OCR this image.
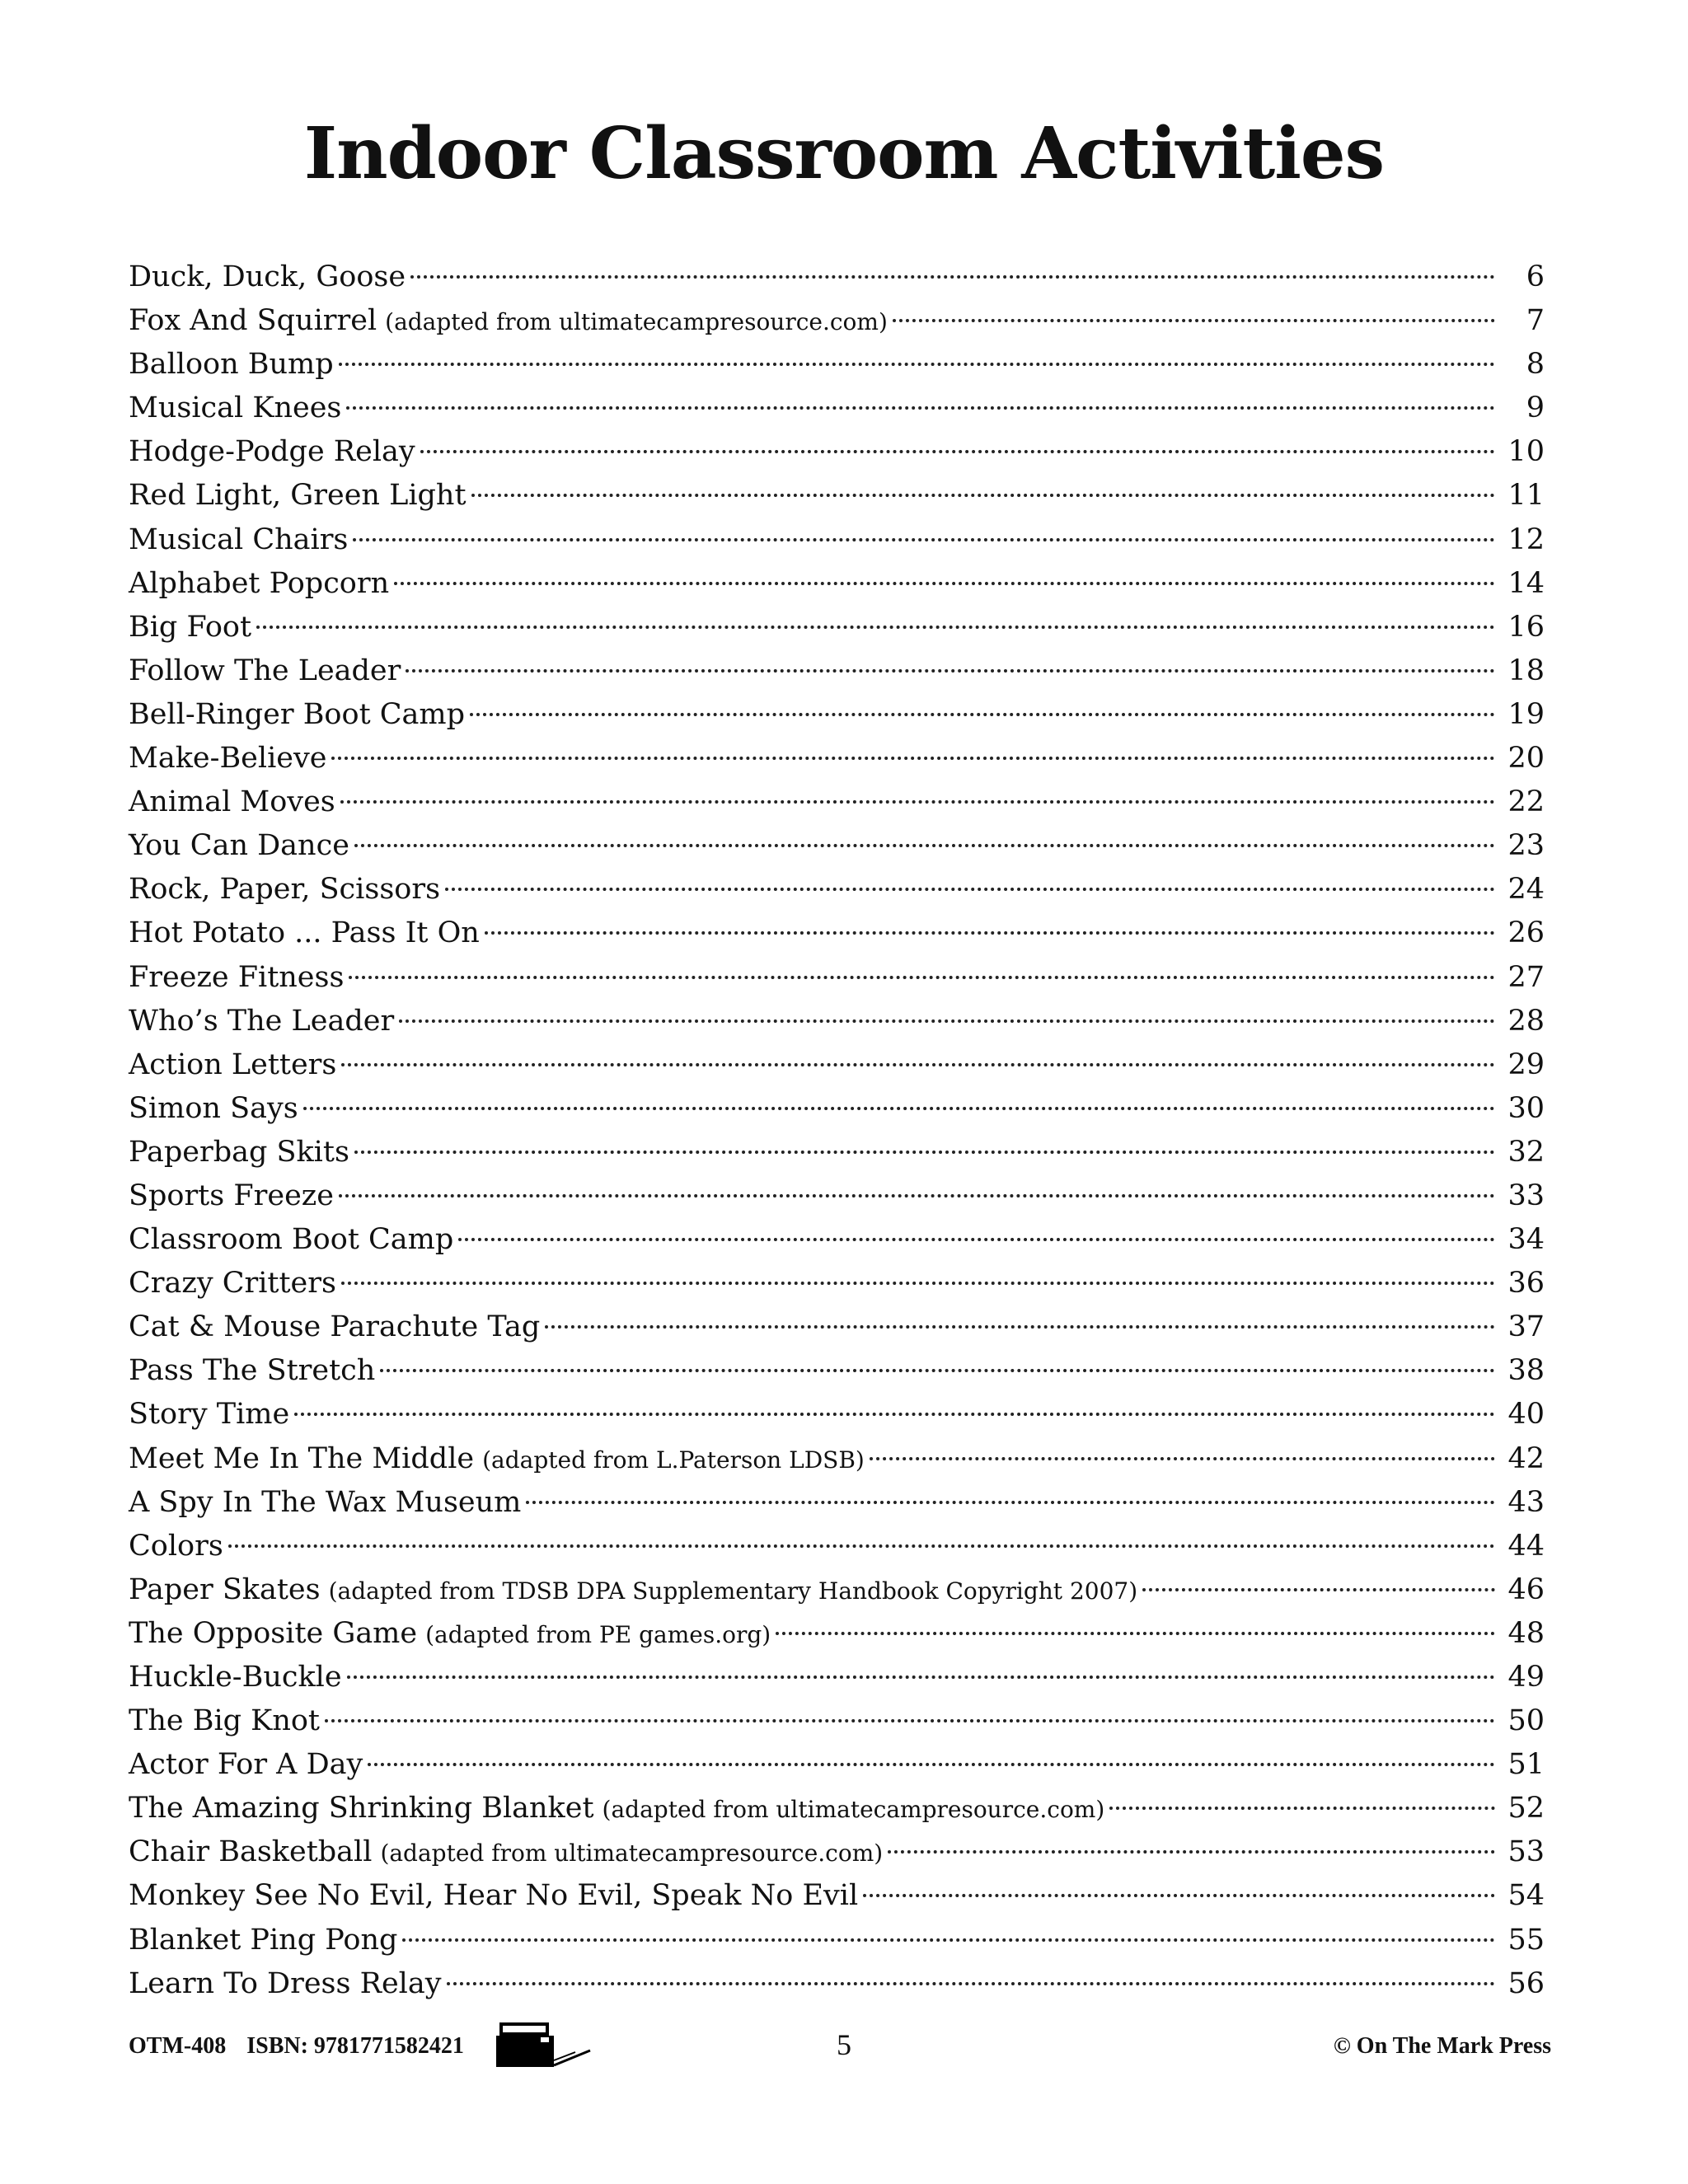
Indoor Classroom Activities
Duck, Duck, Goose	6
Fox And Squirrel (adapted from ultimatecampresource.com)	7
Balloon Bump	8
Musical Knees	9
Hodge-Podge Relay	10
Red Light, Green Light	11
Musical Chairs	12
Alphabet Popcorn	14
Big Foot	16
Follow The Leader	18
Bell-Ringer Boot Camp	19
Make-Believe	20
Animal Moves	22
You Can Dance	23
Rock, Paper, Scissors	24
Hot Potato ... Pass It On	26
Freeze Fitness	27
Who’s The Leader	28
Action Letters	29
Simon Says	30
Paperbag Skits	32
Sports Freeze	33
Classroom Boot Camp	34
Crazy Critters	36
Cat & Mouse Parachute Tag	37
Pass The Stretch	38
Story Time	40
Meet Me In The Middle (adapted from L.Paterson LDSB)	42
A Spy In The Wax Museum	43
Colors	44
Paper Skates (adapted from TDSB DPA Supplementary Handbook Copyright 2007)	46
The Opposite Game (adapted from PE games.org)	48
Huckle-Buckle	49
The Big Knot	50
Actor For A Day	51
The Amazing Shrinking Blanket (adapted from ultimatecampresource.com)	52
Chair Basketball (adapted from ultimatecampresource.com)	53
Monkey See No Evil, Hear No Evil, Speak No Evil	54
Blanket Ping Pong	55
Learn To Dress Relay	56
OTM-408 ISBN: 9781771582421	5	© On The Mark Press
